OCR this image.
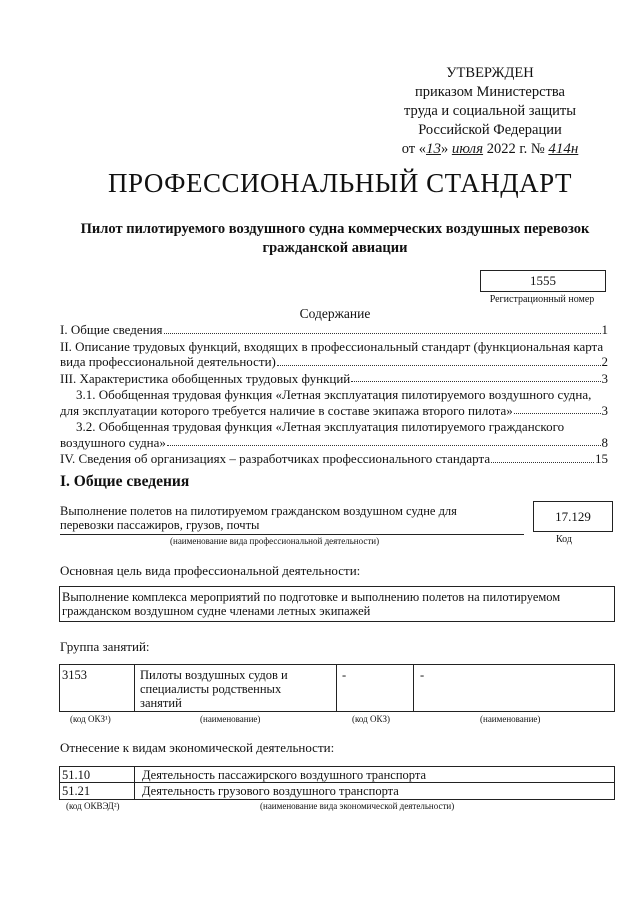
УТВЕРЖДЕН
приказом Министерства
труда и социальной защиты
Российской Федерации
от «13» июля 2022 г. № 414н
ПРОФЕССИОНАЛЬНЫЙ СТАНДАРТ
Пилот пилотируемого воздушного судна коммерческих воздушных перевозок гражданской авиации
1555
Регистрационный номер
Содержание
I. Общие сведения	1
II. Описание трудовых функций, входящих в профессиональный стандарт (функциональная карта
вида профессиональной деятельности)	2
III. Характеристика обобщенных трудовых функций	3
3.1. Обобщенная трудовая функция «Летная эксплуатация пилотируемого воздушного судна,
для эксплуатации которого требуется наличие в составе экипажа второго пилота»	3
3.2. Обобщенная трудовая функция «Летная эксплуатация пилотируемого гражданского
воздушного судна»	8
IV. Сведения об организациях – разработчиках профессионального стандарта	15
I. Общие сведения
Выполнение полетов на пилотируемом гражданском воздушном судне для
перевозки пассажиров, грузов, почты
(наименование вида профессиональной деятельности)
17.129
Код
Основная цель вида профессиональной деятельности:
Выполнение комплекса мероприятий по подготовке и выполнению полетов на пилотируемом
гражданском воздушном судне членами летных экипажей
Группа занятий:
3153	Пилоты воздушных судов и
специалисты родственных
занятий
-	-
(код ОКЗ¹)	(наименование)	(код ОКЗ)	(наименование)
Отнесение к видам экономической деятельности:
51.10	Деятельность пассажирского воздушного транспорта
51.21	Деятельность грузового воздушного транспорта
(код ОКВЭД²)	(наименование вида экономической деятельности)
